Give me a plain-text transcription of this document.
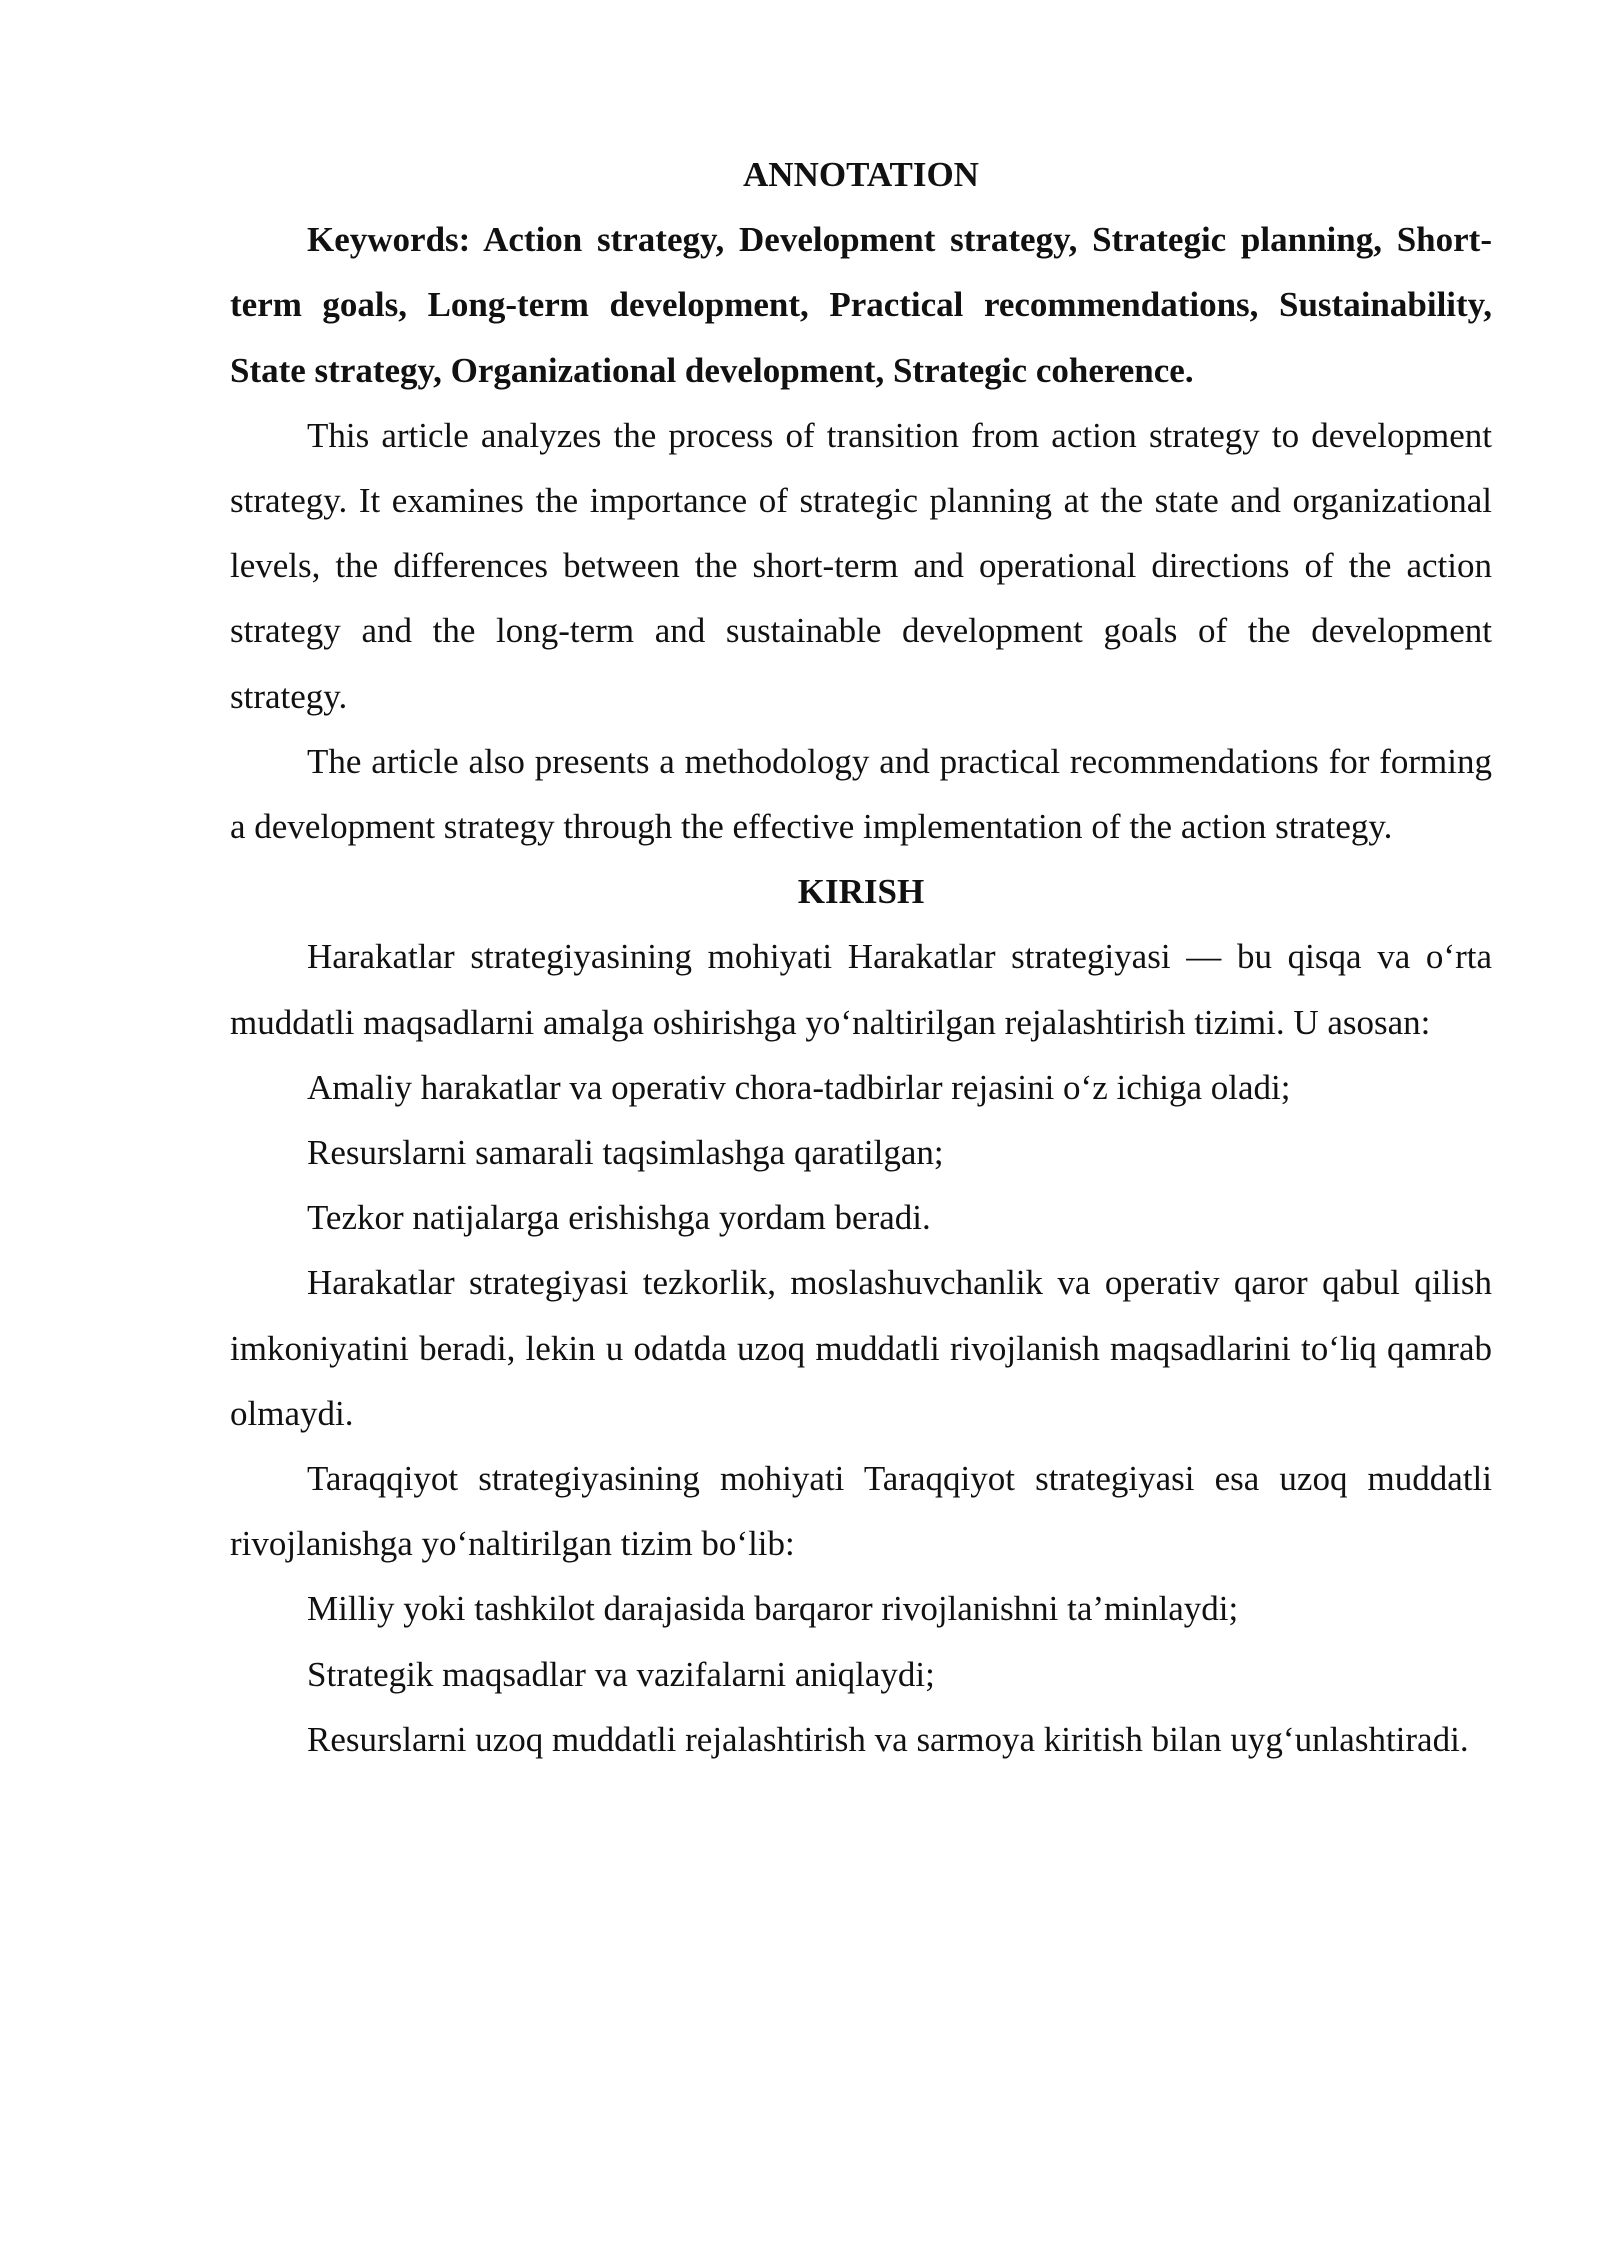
ANNOTATION

Keywords: Action strategy, Development strategy, Strategic planning, Short-term goals, Long-term development, Practical recommendations, Sustainability, State strategy, Organizational development, Strategic coherence.

This article analyzes the process of transition from action strategy to development strategy. It examines the importance of strategic planning at the state and organizational levels, the differences between the short-term and operational directions of the action strategy and the long-term and sustainable development goals of the development strategy.

The article also presents a methodology and practical recommendations for forming a development strategy through the effective implementation of the action strategy.

KIRISH

Harakatlar strategiyasining mohiyati Harakatlar strategiyasi — bu qisqa va o‘rta muddatli maqsadlarni amalga oshirishga yo‘naltirilgan rejalashtirish tizimi. U asosan:

Amaliy harakatlar va operativ chora-tadbirlar rejasini o‘z ichiga oladi;

Resurslarni samarali taqsimlashga qaratilgan;

Tezkor natijalarga erishishga yordam beradi.

Harakatlar strategiyasi tezkorlik, moslashuvchanlik va operativ qaror qabul qilish imkoniyatini beradi, lekin u odatda uzoq muddatli rivojlanish maqsadlarini to‘liq qamrab olmaydi.

Taraqqiyot strategiyasining mohiyati Taraqqiyot strategiyasi esa uzoq muddatli rivojlanishga yo‘naltirilgan tizim bo‘lib:

Milliy yoki tashkilot darajasida barqaror rivojlanishni ta’minlaydi;

Strategik maqsadlar va vazifalarni aniqlaydi;

Resurslarni uzoq muddatli rejalashtirish va sarmoya kiritish bilan uyg‘unlashtiradi.
